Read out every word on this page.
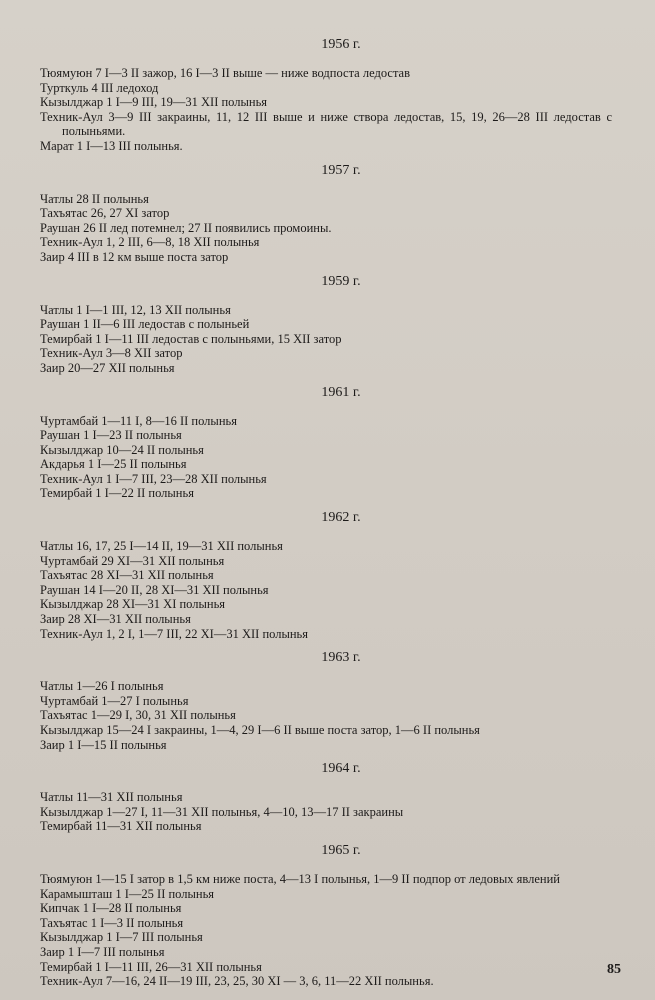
1956 г.
Тюямуюн 7 I—3 II зажор, 16 I—3 II выше — ниже водпоста ледостав
Турткуль 4 III ледоход
Кызылджар 1 I—9 III, 19—31 XII полынья
Техник-Аул 3—9 III закраины, 11, 12 III выше и ниже створа ледостав, 15, 19, 26—28 III ледостав с полыньями.
Марат 1 I—13 III полынья.
1957 г.
Чатлы 28 II полынья
Тахъятас 26, 27 XI затор
Раушан 26 II лед потемнел; 27 II появились промоины.
Техник-Аул 1, 2 III, 6—8, 18 XII полынья
Заир 4 III в 12 км выше поста затор
1959 г.
Чатлы 1 I—1 III, 12, 13 XII полынья
Раушан 1 II—6 III ледостав с полыньей
Темирбай 1 I—11 III ледостав с полыньями, 15 XII затор
Техник-Аул 3—8 XII затор
Заир 20—27 XII полынья
1961 г.
Чуртамбай 1—11 I, 8—16 II полынья
Раушан 1 I—23 II полынья
Кызылджар 10—24 II полынья
Акдарья 1 I—25 II полынья
Техник-Аул 1 I—7 III, 23—28 XII полынья
Темирбай 1 I—22 II полынья
1962 г.
Чатлы 16, 17, 25 I—14 II, 19—31 XII полынья
Чуртамбай 29 XI—31 XII полынья
Тахъятас 28 XI—31 XII полынья
Раушан 14 I—20 II, 28 XI—31 XII полынья
Кызылджар 28 XI—31 XI полынья
Заир 28 XI—31 XII полынья
Техник-Аул 1, 2 I, 1—7 III, 22 XI—31 XII полынья
1963 г.
Чатлы 1—26 I полынья
Чуртамбай 1—27 I полынья
Тахъятас 1—29 I, 30, 31 XII полынья
Кызылджар 15—24 I закраины, 1—4, 29 I—6 II выше поста затор, 1—6 II полынья
Заир 1 I—15 II полынья
1964 г.
Чатлы 11—31 XII полынья
Кызылджар 1—27 I, 11—31 XII полынья, 4—10, 13—17 II закраины
Темирбай 11—31 XII полынья
1965 г.
Тюямуюн 1—15 I затор в 1,5 км ниже поста, 4—13 I полынья, 1—9 II подпор от ледовых явлений
Карамышташ 1 I—25 II полынья
Кипчак 1 I—28 II полынья
Тахъятас 1 I—3 II полынья
Кызылджар 1 I—7 III полынья
Заир 1 I—7 III полынья
Темирбай 1 I—11 III, 26—31 XII полынья
Техник-Аул 7—16, 24 II—19 III, 23, 25, 30 XI — 3, 6, 11—22 XII полынья.
85
